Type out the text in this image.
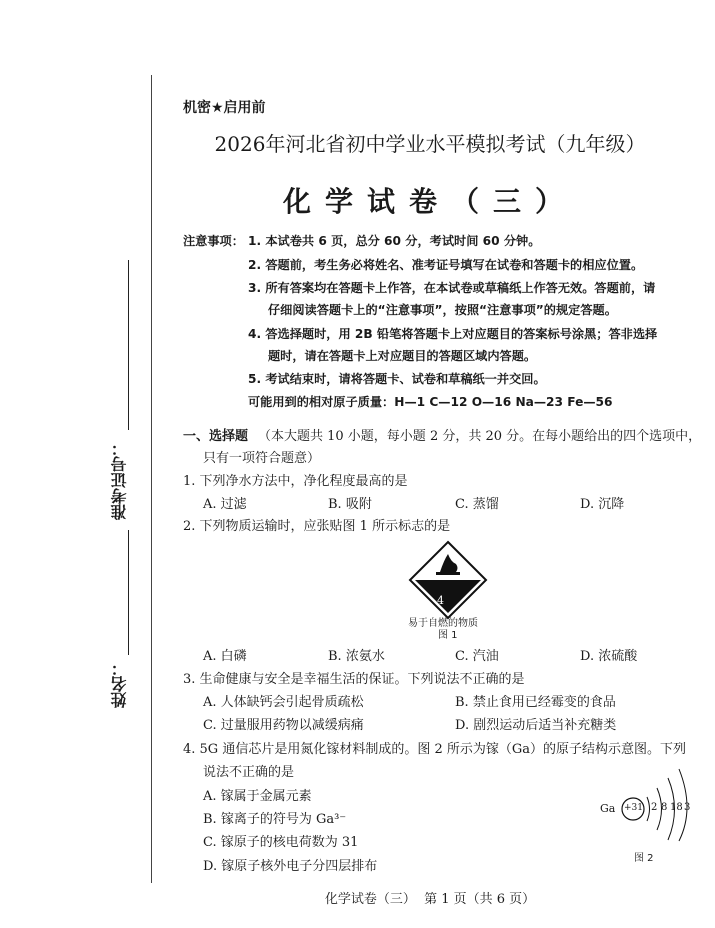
准考证号：
姓名：
机密★启用前
2026年河北省初中学业水平模拟考试（九年级）
化学试卷（三）
注意事项： 1. 本试卷共 6 页，总分 60 分，考试时间 60 分钟。
2. 答题前，考生务必将姓名、准考证号填写在试卷和答题卡的相应位置。
3. 所有答案均在答题卡上作答，在本试卷或草稿纸上作答无效。答题前，请
仔细阅读答题卡上的“注意事项”，按照“注意事项”的规定答题。
4. 答选择题时，用 2B 铅笔将答题卡上对应题目的答案标号涂黑；答非选择
题时，请在答题卡上对应题目的答题区域内答题。
5. 考试结束时，请将答题卡、试卷和草稿纸一并交回。
可能用到的相对原子质量：H—1 C—12 O—16 Na—23 Fe—56
一、选择题 （本大题共 10 小题，每小题 2 分，共 20 分。在每小题给出的四个选项中，
只有一项符合题意）
1. 下列净水方法中，净化程度最高的是
A. 过滤	B. 吸附	C. 蒸馏	D. 沉降
2. 下列物质运输时，应张贴图 1 所示标志的是
4
易于自燃的物质
图 1
A. 白磷	B. 浓氨水	C. 汽油	D. 浓硫酸
3. 生命健康与安全是幸福生活的保证。下列说法不正确的是
A. 人体缺钙会引起骨质疏松	B. 禁止食用已经霉变的食品
C. 过量服用药物以减缓病痛	D. 剧烈运动后适当补充糖类
4. 5G 通信芯片是用氮化镓材料制成的。图 2 所示为镓（Ga）的原子结构示意图。下列
说法不正确的是
A. 镓属于金属元素
B. 镓离子的符号为 Ga³⁻
C. 镓原子的核电荷数为 31
D. 镓原子核外电子分四层排布
Ga +31 2 8 18 3
图 2
化学试卷（三）  第 1 页（共 6 页）
